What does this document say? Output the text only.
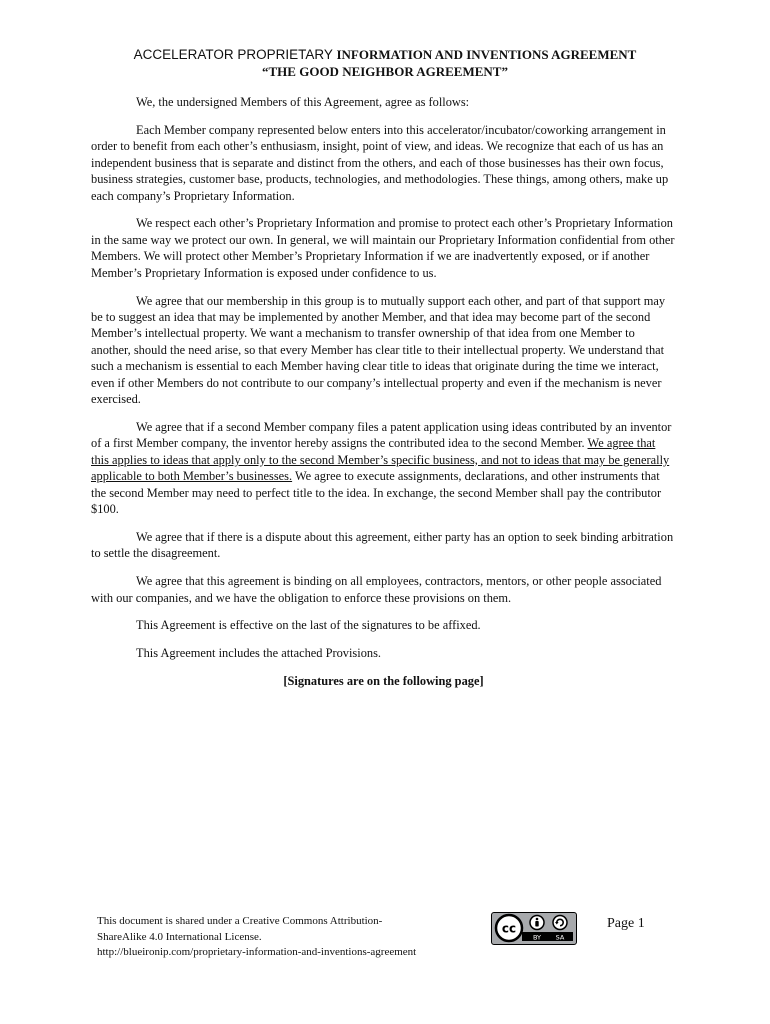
ACCELERATOR PROPRIETARY INFORMATION AND INVENTIONS AGREEMENT
“THE GOOD NEIGHBOR AGREEMENT”

We, the undersigned Members of this Agreement, agree as follows:

Each Member company represented below enters into this accelerator/incubator/coworking arrangement in order to benefit from each other’s enthusiasm, insight, point of view, and ideas. We recognize that each of us has an independent business that is separate and distinct from the others, and each of those businesses has their own focus, business strategies, customer base, products, technologies, and methodologies. These things, among others, make up each company’s Proprietary Information.

We respect each other’s Proprietary Information and promise to protect each other’s Proprietary Information in the same way we protect our own. In general, we will maintain our Proprietary Information confidential from other Members. We will protect other Member’s Proprietary Information if we are inadvertently exposed, or if another Member’s Proprietary Information is exposed under confidence to us.

We agree that our membership in this group is to mutually support each other, and part of that support may be to suggest an idea that may be implemented by another Member, and that idea may become part of the second Member’s intellectual property. We want a mechanism to transfer ownership of that idea from one Member to another, should the need arise, so that every Member has clear title to their intellectual property. We understand that such a mechanism is essential to each Member having clear title to ideas that originate during the time we interact, even if other Members do not contribute to our company’s intellectual property and even if the mechanism is never exercised.

We agree that if a second Member company files a patent application using ideas contributed by an inventor of a first Member company, the inventor hereby assigns the contributed idea to the second Member. We agree that this applies to ideas that apply only to the second Member’s specific business, and not to ideas that may be generally applicable to both Member’s businesses. We agree to execute assignments, declarations, and other instruments that the second Member may need to perfect title to the idea. In exchange, the second Member shall pay the contributor $100.

We agree that if there is a dispute about this agreement, either party has an option to seek binding arbitration to settle the disagreement.

We agree that this agreement is binding on all employees, contractors, mentors, or other people associated with our companies, and we have the obligation to enforce these provisions on them.

This Agreement is effective on the last of the signatures to be affixed.

This Agreement includes the attached Provisions.

[Signatures are on the following page]

This document is shared under a Creative Commons Attribution-
ShareAlike 4.0 International License.
http://blueironip.com/proprietary-information-and-inventions-agreement
cc
BY SA
Page 1
